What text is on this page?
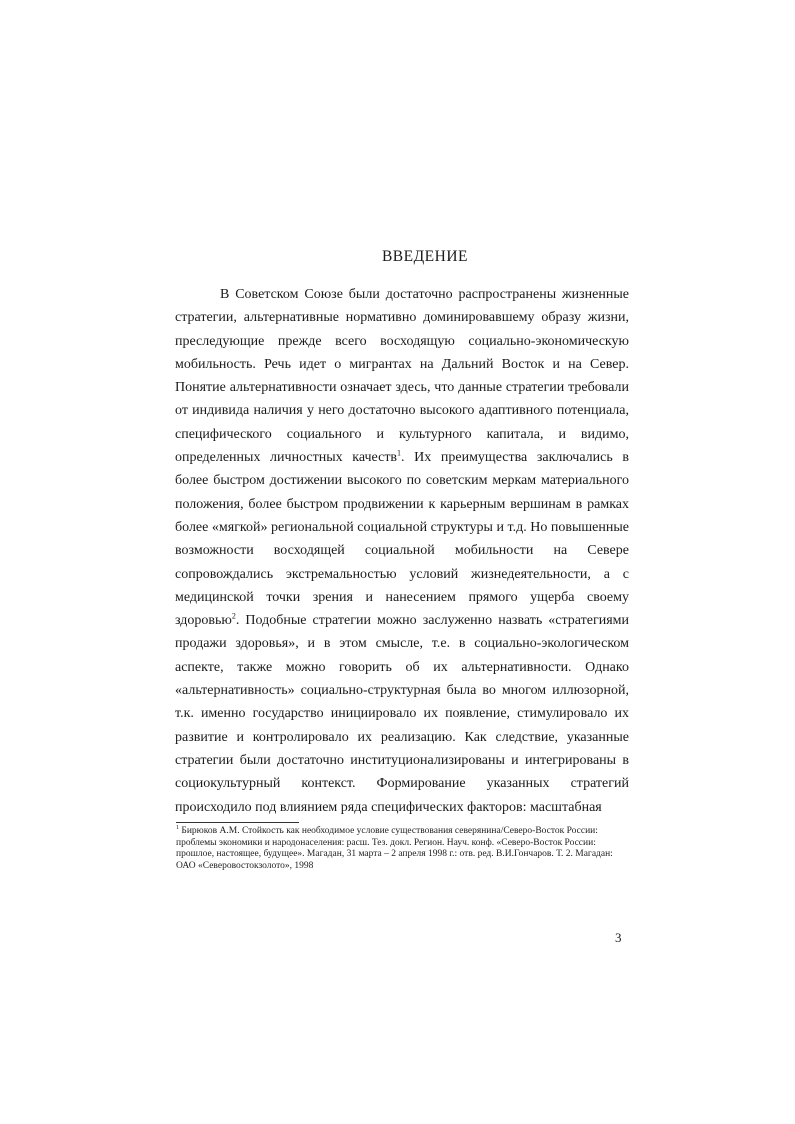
ВВЕДЕНИЕ

В Советском Союзе были достаточно распространены жизненные стратегии, альтернативные нормативно доминировавшему образу жизни, преследующие прежде всего восходящую социально-экономическую мобильность. Речь идет о мигрантах на Дальний Восток и на Север. Понятие альтернативности означает здесь, что данные стратегии требовали от индивида наличия у него достаточно высокого адаптивного потенциала, специфического социального и культурного капитала, и видимо, определенных личностных качеств$^1$. Их преимущества заключались в более быстром достижении высокого по советским меркам материального положения, более быстром продвижении к карьерным вершинам в рамках более «мягкой» региональной социальной структуры и т.д. Но повышенные возможности восходящей социальной мобильности на Севере сопровождались экстремальностью условий жизнедеятельности, а с медицинской точки зрения и нанесением прямого ущерба своему здоровью$^2$. Подобные стратегии можно заслуженно назвать «стратегиями продажи здоровья», и в этом смысле, т.е. в социально-экологическом аспекте, также можно говорить об их альтернативности. Однако «альтернативность» социально-структурная была во многом иллюзорной, т.к. именно государство инициировало их появление, стимулировало их развитие и контролировало их реализацию. Как следствие, указанные стратегии были достаточно институционализированы и интегрированы в социокультурный контекст. Формирование указанных стратегий происходило под влиянием ряда специфических факторов: масштабная

$^1$ Бирюков А.М. Стойкость как необходимое условие существования северянина/Северо-Восток России: проблемы экономики и народонаселения: расш. Тез. докл. Регион. Науч. конф. «Северо-Восток России: прошлое, настоящее, будущее». Магадан, 31 марта – 2 апреля 1998 г.: отв. ред. В.И.Гончаров. Т. 2. Магадан: ОАО «Северовостокзолото», 1998
3
